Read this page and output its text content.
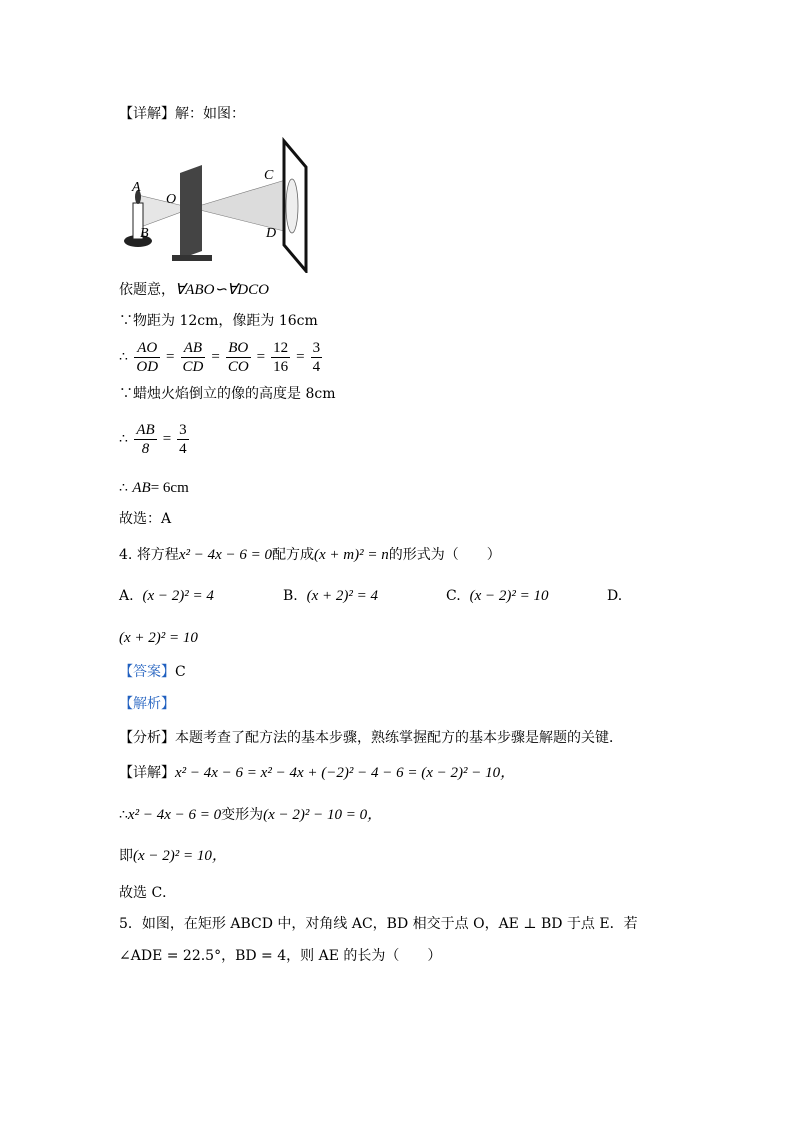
【详解】解：如图：
A
B
O
C
D
依题意，∀ABO∽∀DCO
∵物距为 12cm，像距为 16cm
∴ $\frac{AO}{OD} = \frac{AB}{CD} = \frac{BO}{CO} = \frac{12}{16} = \frac{3}{4}$
∵蜡烛火焰倒立的像的高度是 8cm
∴ $\frac{AB}{8} = \frac{3}{4}$
∴ AB= 6cm
故选：A
4. 将方程x² − 4x − 6 = 0配方成(x + m)² = n的形式为（　　）
A. (x − 2)² = 4	B. (x + 2)² = 4	C. (x − 2)² = 10	D.
(x + 2)² = 10
【答案】C
【解析】
【分析】本题考查了配方法的基本步骤，熟练掌握配方的基本步骤是解题的关键．
【详解】x² − 4x − 6 = x² − 4x + (−2)² − 4 − 6 = (x − 2)² − 10，
∴x² − 4x − 6 = 0变形为(x − 2)² − 10 = 0，
即(x − 2)² = 10，
故选 C．
5．如图，在矩形 ABCD 中，对角线 AC，BD 相交于点 O，AE ⊥ BD 于点 E．若
∠ADE = 22.5°，BD = 4，则 AE 的长为（　　）
